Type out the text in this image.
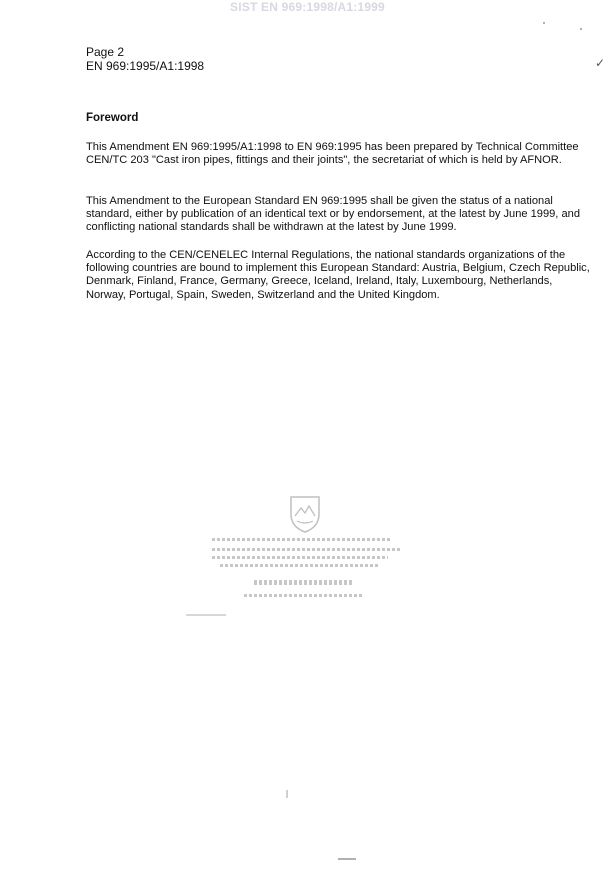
SIST EN 969:1998/A1:1999
✓
Page 2
EN 969:1995/A1:1998
Foreword
This Amendment EN 969:1995/A1:1998 to EN 969:1995 has been prepared by Technical Committee CEN/TC 203 "Cast iron pipes, fittings and their joints", the secretariat of which is held by AFNOR.
This Amendment to the European Standard EN 969:1995 shall be given the status of a national standard, either by publication of an identical text or by endorsement, at the latest by June 1999, and conflicting national standards shall be withdrawn at the latest by June 1999.
According to the CEN/CENELEC Internal Regulations, the national standards organizations of the following countries are bound to implement this European Standard: Austria, Belgium, Czech Republic, Denmark, Finland, France, Germany, Greece, Iceland, Ireland, Italy, Luxembourg, Netherlands, Norway, Portugal, Spain, Sweden, Switzerland and the United Kingdom.
